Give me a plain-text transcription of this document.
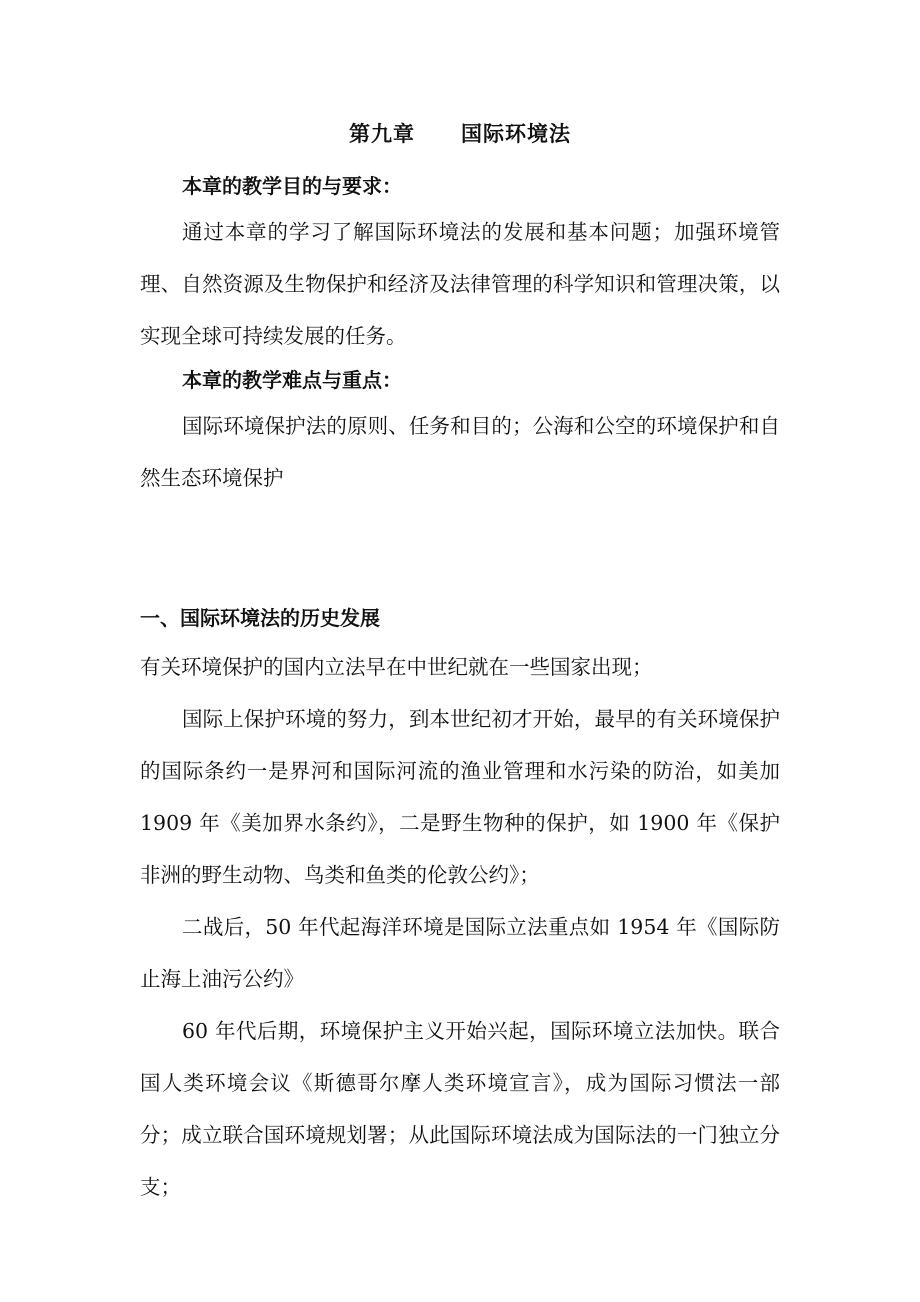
第九章 国际环境法

本章的教学目的与要求：

通过本章的学习了解国际环境法的发展和基本问题；加强环境管理、自然资源及生物保护和经济及法律管理的科学知识和管理决策，以实现全球可持续发展的任务。

本章的教学难点与重点：

国际环境保护法的原则、任务和目的；公海和公空的环境保护和自然生态环境保护

一、国际环境法的历史发展

有关环境保护的国内立法早在中世纪就在一些国家出现；

国际上保护环境的努力，到本世纪初才开始，最早的有关环境保护的国际条约一是界河和国际河流的渔业管理和水污染的防治，如美加 1909 年《美加界水条约》，二是野生物种的保护，如 1900 年《保护非洲的野生动物、鸟类和鱼类的伦敦公约》；

二战后，50 年代起海洋环境是国际立法重点如 1954 年《国际防止海上油污公约》

60 年代后期，环境保护主义开始兴起，国际环境立法加快。联合国人类环境会议《斯德哥尔摩人类环境宣言》，成为国际习惯法一部分；成立联合国环境规划署；从此国际环境法成为国际法的一门独立分支；
